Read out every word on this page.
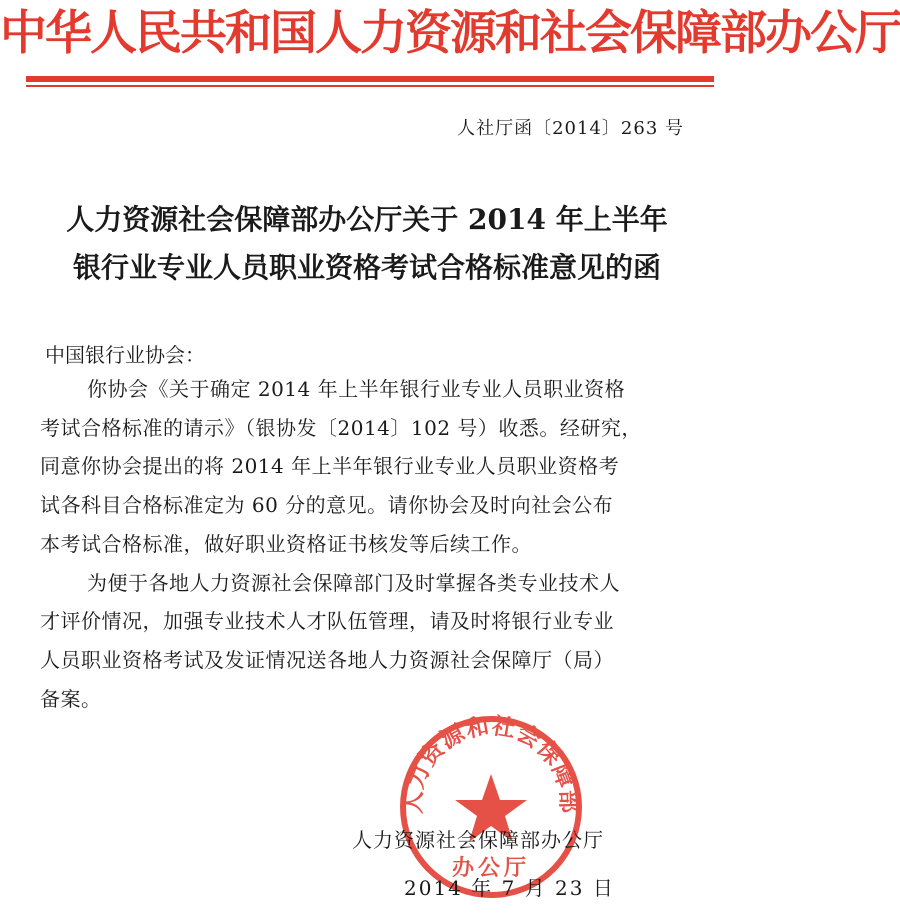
中华人民共和国人力资源和社会保障部办公厅
人社厅函〔2014〕263 号
人力资源社会保障部办公厅关于 2014 年上半年
银行业专业人员职业资格考试合格标准意见的函
中国银行业协会：
你协会《关于确定 2014 年上半年银行业专业人员职业资格
考试合格标准的请示》（银协发〔2014〕102 号）收悉。经研究，
同意你协会提出的将 2014 年上半年银行业专业人员职业资格考
试各科目合格标准定为 60 分的意见。请你协会及时向社会公布
本考试合格标准，做好职业资格证书核发等后续工作。
为便于各地人力资源社会保障部门及时掌握各类专业技术人
才评价情况，加强专业技术人才队伍管理，请及时将银行业专业
人员职业资格考试及发证情况送各地人力资源社会保障厅（局）
备案。
人力资源和社会保障部
办公厅
人力资源社会保障部办公厅
2014 年 7 月 23 日
